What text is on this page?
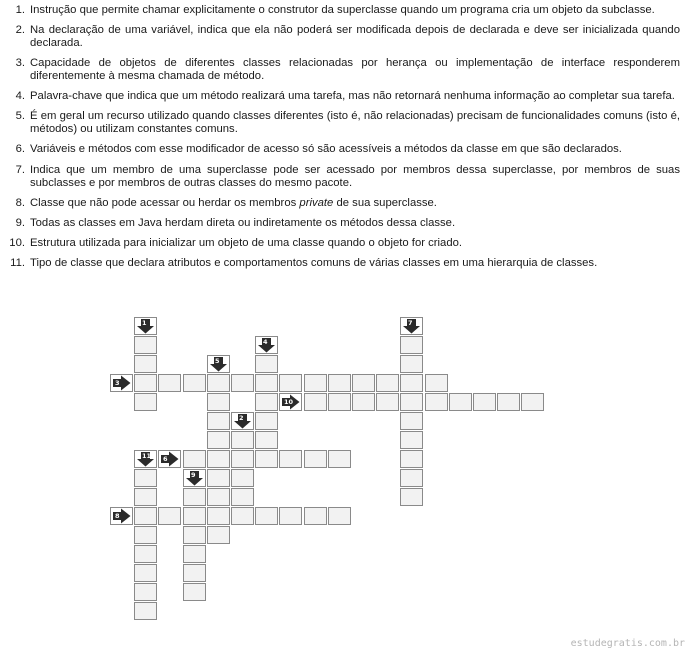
1. Instrução que permite chamar explicitamente o construtor da superclasse quando um programa cria um objeto da subclasse.
2. Na declaração de uma variável, indica que ela não poderá ser modificada depois de declarada e deve ser inicializada quando declarada.
3. Capacidade de objetos de diferentes classes relacionadas por herança ou implementação de interface responderem diferentemente à mesma chamada de método.
4. Palavra-chave que indica que um método realizará uma tarefa, mas não retornará nenhuma informação ao completar sua tarefa.
5. É em geral um recurso utilizado quando classes diferentes (isto é, não relacionadas) precisam de funcionalidades comuns (isto é, métodos) ou utilizam constantes comuns.
6. Variáveis e métodos com esse modificador de acesso só são acessíveis a métodos da classe em que são declarados.
7. Indica que um membro de uma superclasse pode ser acessado por membros dessa superclasse, por membros de suas subclasses e por membros de outras classes do mesmo pacote.
8. Classe que não pode acessar ou herdar os membros private de sua superclasse.
9. Todas as classes em Java herdam direta ou indiretamente os métodos dessa classe.
10. Estrutura utilizada para inicializar um objeto de uma classe quando o objeto for criado.
11. Tipo de classe que declara atributos e comportamentos comuns de várias classes em uma hierarquia de classes.
1
2
3
4
5
6
7
8
9
10
11
estudegratis.com.br
